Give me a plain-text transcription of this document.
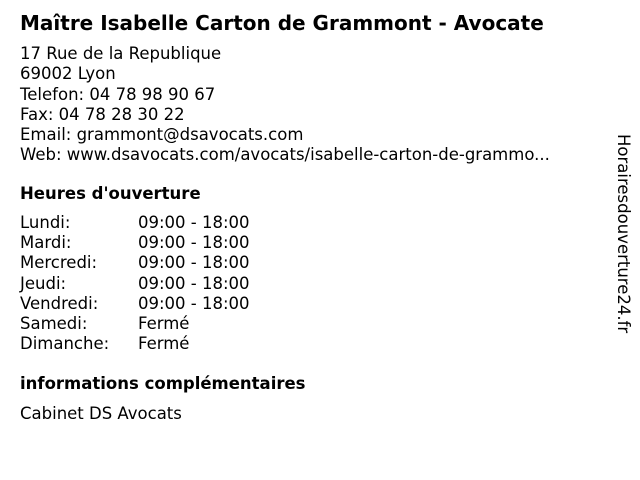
Maître Isabelle Carton de Grammont - Avocate
17 Rue de la Republique
69002 Lyon
Telefon: 04 78 98 90 67
Fax: 04 78 28 30 22
Email: grammont@dsavocats.com
Web: www.dsavocats.com/avocats/isabelle-carton-de-grammo...
Heures d'ouverture
Lundi:	09:00 - 18:00
Mardi:	09:00 - 18:00
Mercredi:	09:00 - 18:00
Jeudi:	09:00 - 18:00
Vendredi:	09:00 - 18:00
Samedi:	Fermé
Dimanche:	Fermé
informations complémentaires
Cabinet DS Avocats
Horairesdouverture24.fr
